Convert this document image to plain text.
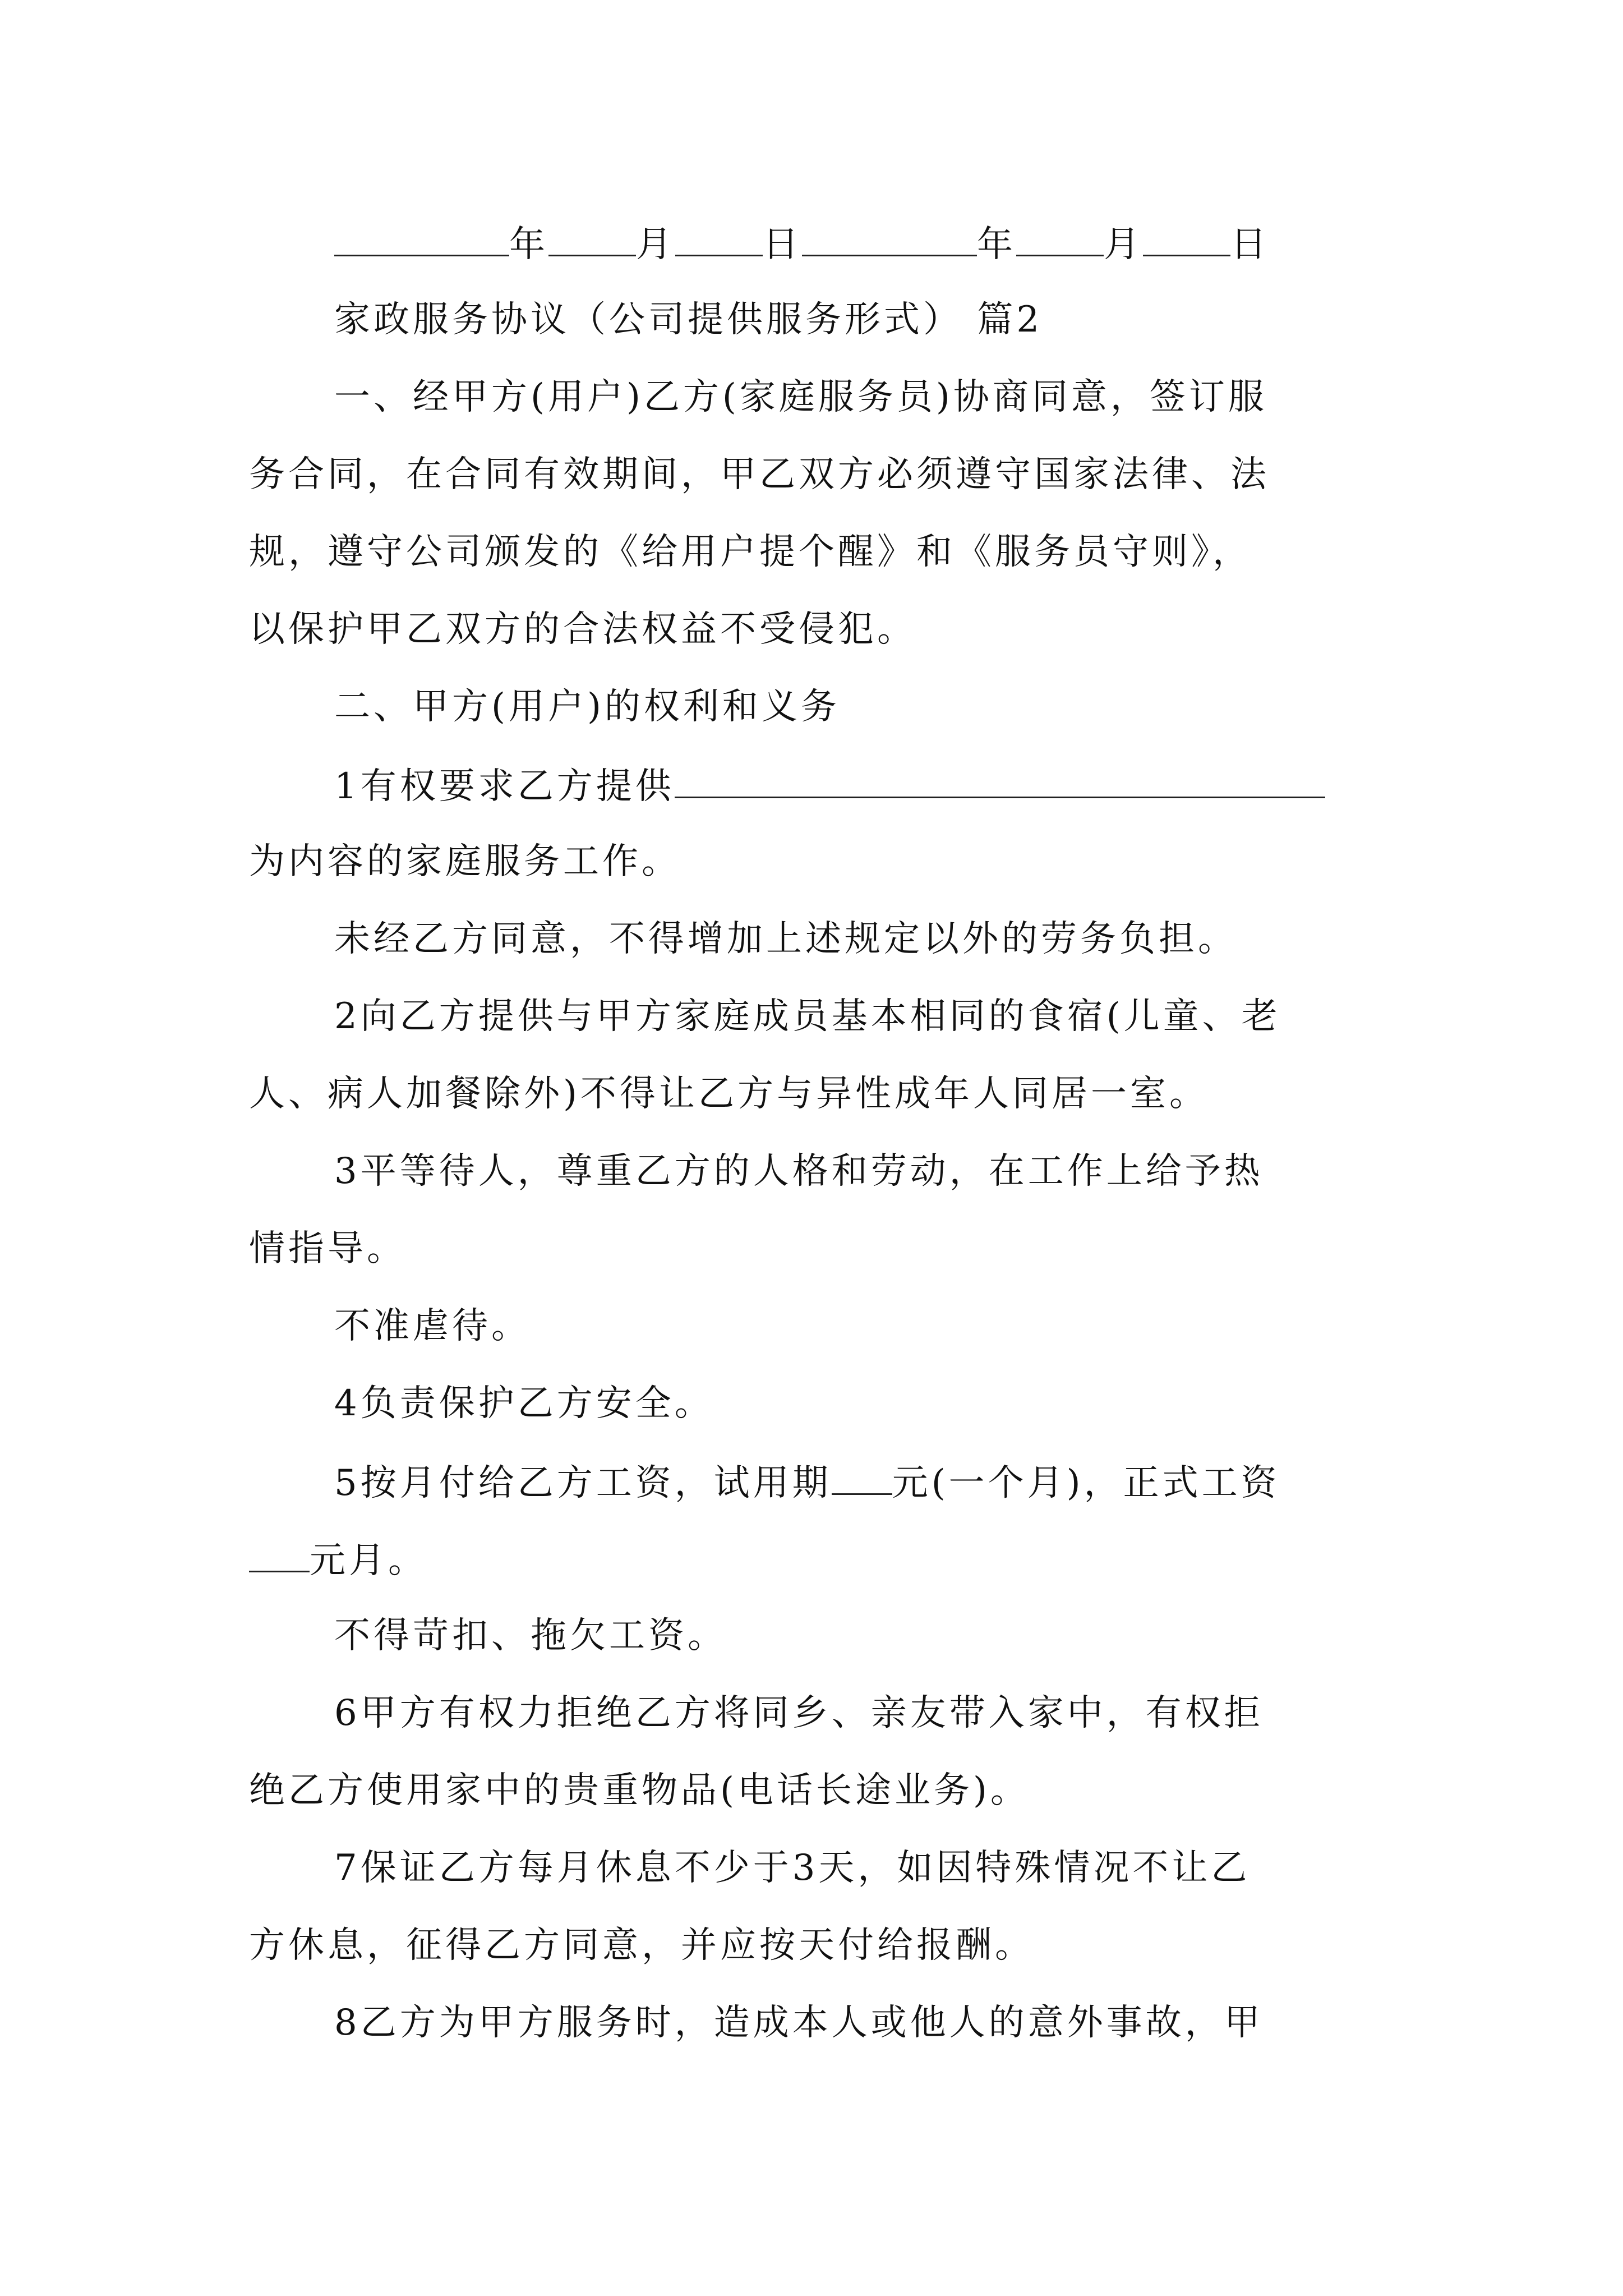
年 月 日	年 月 日
家政服务协议（公司提供服务形式） 篇2
一、经甲方(用户)乙方(家庭服务员)协商同意，签订服
务合同，在合同有效期间，甲乙双方必须遵守国家法律、法
规，遵守公司颁发的《给用户提个醒》和《服务员守则》，
以保护甲乙双方的合法权益不受侵犯。
二、甲方(用户)的权利和义务
1有权要求乙方提供
为内容的家庭服务工作。
未经乙方同意，不得增加上述规定以外的劳务负担。
2向乙方提供与甲方家庭成员基本相同的食宿(儿童、老
人、病人加餐除外)不得让乙方与异性成年人同居一室。
3平等待人，尊重乙方的人格和劳动，在工作上给予热
情指导。
不准虐待。
4负责保护乙方安全。
5按月付给乙方工资，试用期 元(一个月)，正式工资
元月。
不得苛扣、拖欠工资。
6甲方有权力拒绝乙方将同乡、亲友带入家中，有权拒
绝乙方使用家中的贵重物品(电话长途业务)。
7保证乙方每月休息不少于3天，如因特殊情况不让乙
方休息，征得乙方同意，并应按天付给报酬。
8乙方为甲方服务时，造成本人或他人的意外事故，甲
